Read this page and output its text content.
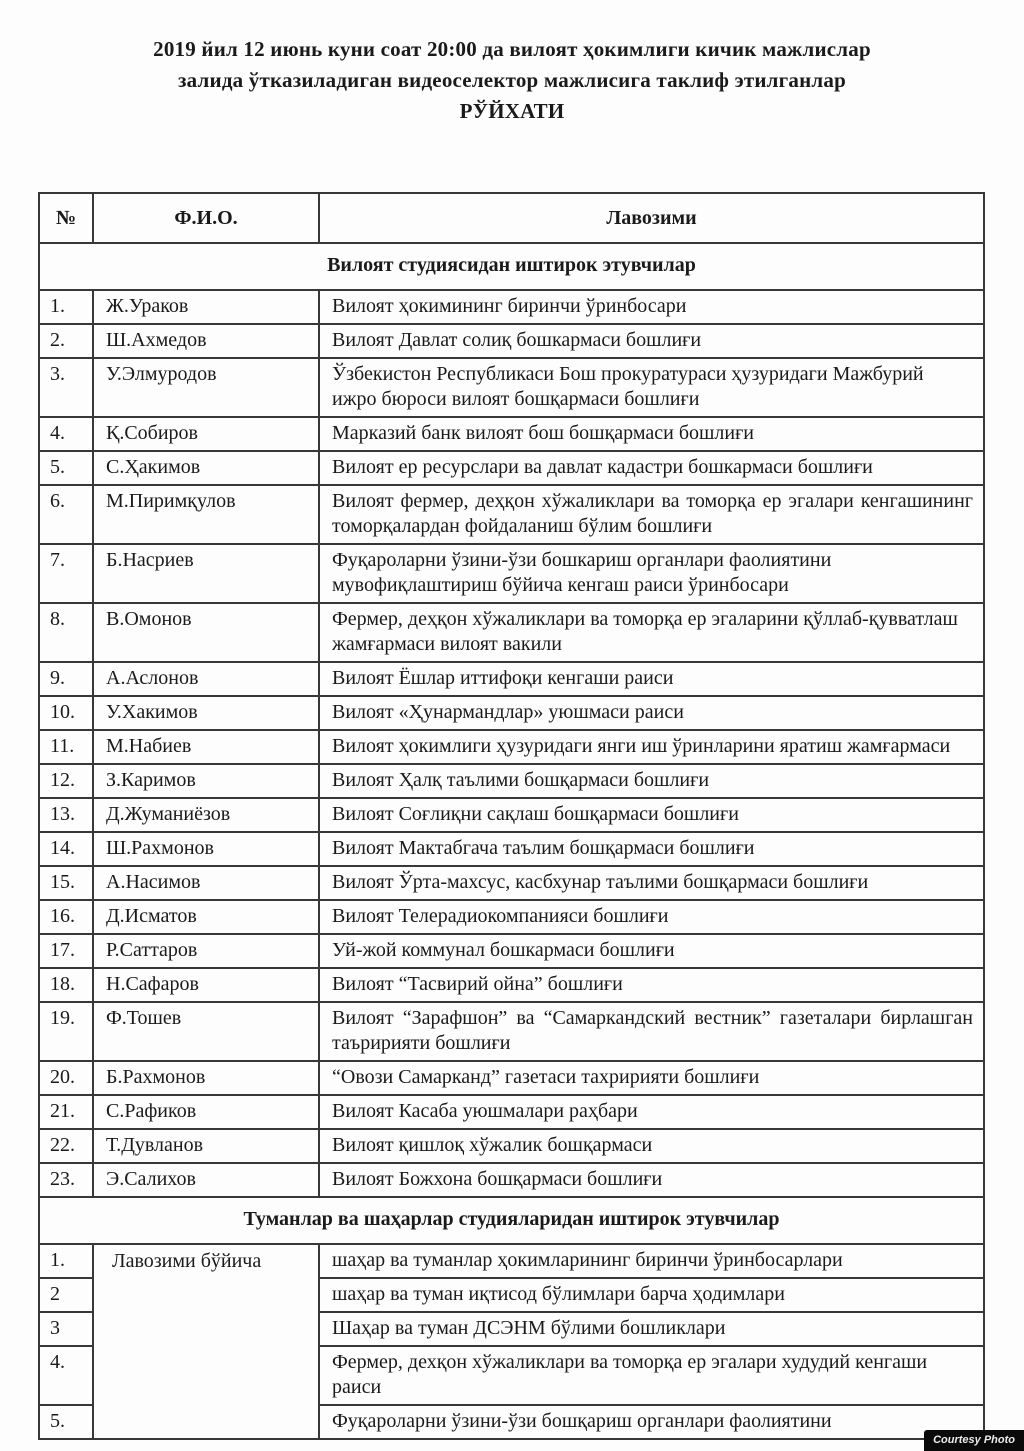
2019 йил 12 июнь куни соат 20:00 да вилоят ҳокимлиги кичик мажлислар
залида ўтказиладиган видеоселектор мажлисига таклиф этилганлар
РЎЙХАТИ
№	Ф.И.О.	Лавозими
Вилоят студиясидан иштирок этувчилар		
1.	Ж.Ураков	Вилоят ҳокимининг биринчи ўринбосари
2.	Ш.Ахмедов	Вилоят Давлат солиқ бошкармаси бошлиғи
3.	У.Элмуродов	Ўзбекистон Республикаси Бош прокуратураси ҳузуридаги Мажбурий ижро бюроси вилоят бошқармаси бошлиғи
4.	Қ.Собиров	Марказий банк вилоят бош бошқармаси бошлиғи
5.	С.Ҳакимов	Вилоят ер ресурслари ва давлат кадастри бошкармаси бошлиғи
6.	М.Пиримқулов	Вилоят фермер, деҳқон хўжаликлари ва томорқа ер эгалари кенгашининг томорқалардан фойдаланиш бўлим бошлиғи
7.	Б.Насриев	Фуқароларни ўзини-ўзи бошкариш органлари фаолиятини мувофиқлаштириш бўйича кенгаш раиси ўринбосари
8.	В.Омонов	Фермер, деҳқон хўжаликлари ва томорқа ер эгаларини қўллаб-қувватлаш жамғармаси вилоят вакили
9.	А.Аслонов	Вилоят Ёшлар иттифоқи кенгаши раиси
10.	У.Хакимов	Вилоят «Ҳунармандлар» уюшмаси раиси
11.	М.Набиев	Вилоят ҳокимлиги ҳузуридаги янги иш ўринларини яратиш жамғармаси
12.	З.Каримов	Вилоят Ҳалқ таълими бошқармаси бошлиғи
13.	Д.Жуманиёзов	Вилоят Соғлиқни сақлаш бошқармаси бошлиғи
14.	Ш.Рахмонов	Вилоят Мактабгача таълим бошқармаси бошлиғи
15.	А.Насимов	Вилоят Ўрта-махсус, касбхунар таълими бошқармаси бошлиғи
16.	Д.Исматов	Вилоят Телерадиокомпанияси бошлиғи
17.	Р.Саттаров	Уй-жой коммунал бошкармаси бошлиғи
18.	Н.Сафаров	Вилоят “Тасвирий ойна” бошлиғи
19.	Ф.Тошев	Вилоят “Зарафшон” ва “Самаркандский вестник” газеталари бирлашган таъририяти бошлиғи
20.	Б.Рахмонов	“Овози Самарканд” газетаси тахририяти бошлиғи
21.	С.Рафиков	Вилоят Касаба уюшмалари раҳбари
22.	Т.Дувланов	Вилоят қишлоқ хўжалик бошқармаси
23.	Э.Салихов	Вилоят Божхона бошқармаси бошлиғи
Туманлар ва шаҳарлар студияларидан иштирок этувчилар		
1.	Лавозими бўйича	шаҳар ва туманлар ҳокимларининг биринчи ўринбосарлари
2		шаҳар ва туман иқтисод бўлимлари барча ҳодимлари
3		Шаҳар ва туман ДСЭНМ бўлими бошликлари
4.		Фермер, дехқон хўжаликлари ва томорқа ер эгалари худудий кенгаши раиси
5.		Фуқароларни ўзини-ўзи бошқариш органлари фаолиятини
Courtesy Photo
